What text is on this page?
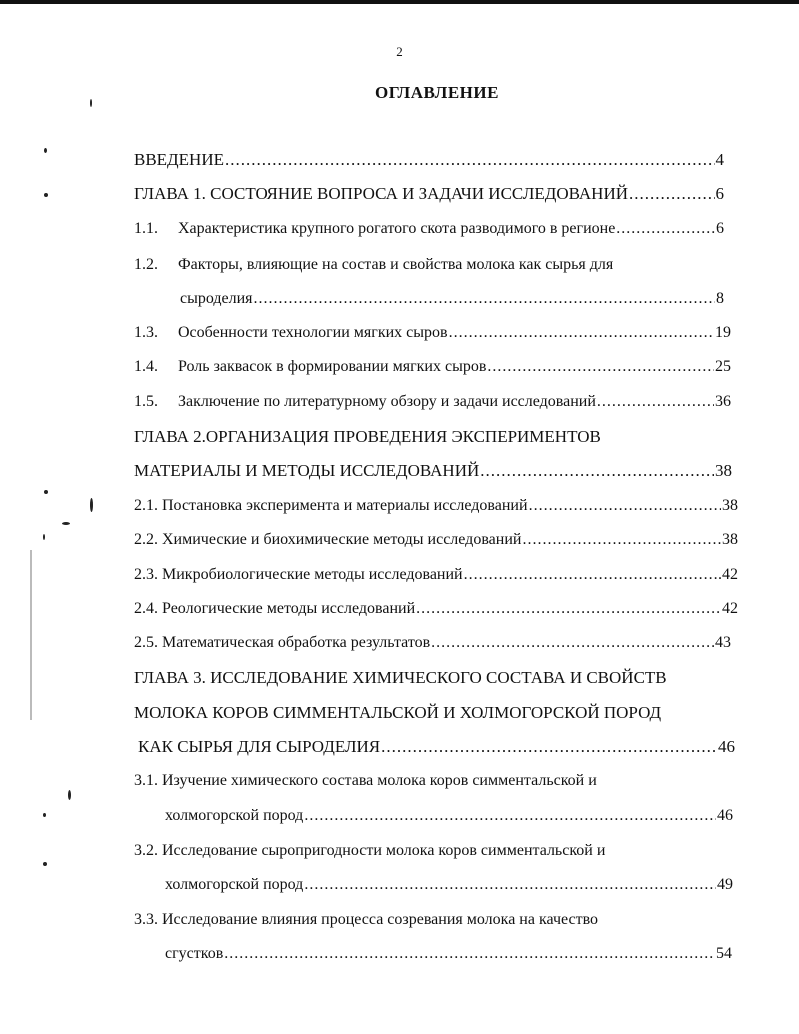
2
ОГЛАВЛЕНИЕ
ВВЕДЕНИЕ .....	4
ГЛАВА 1. СОСТОЯНИЕ ВОПРОСА И ЗАДАЧИ ИССЛЕДОВАНИЙ .....	6
1.1.	Характеристика крупного рогатого скота разводимого в регионе .....	6
1.2.	Факторы, влияющие на состав и свойства молока как сырья для
сыроделия .....	8
1.3.	Особенности технологии мягких сыров .....	19
1.4.	Роль заквасок в формировании мягких сыров .....	25
1.5.	Заключение по литературному обзору и задачи исследований .....	36
ГЛАВА 2.ОРГАНИЗАЦИЯ ПРОВЕДЕНИЯ ЭКСПЕРИМЕНТОВ
МАТЕРИАЛЫ И МЕТОДЫ ИССЛЕДОВАНИЙ .....	38
2.1. Постановка эксперимента и материалы исследований .....	38
2.2. Химические и биохимические методы исследований .....	38
2.3. Микробиологические методы исследований .....	.42
2.4. Реологические методы исследований .....	42
2.5. Математическая обработка результатов .....	43
ГЛАВА 3. ИССЛЕДОВАНИЕ ХИМИЧЕСКОГО СОСТАВА И СВОЙСТВ
МОЛОКА КОРОВ СИММЕНТАЛЬСКОЙ И ХОЛМОГОРСКОЙ ПОРОД
КАК СЫРЬЯ ДЛЯ СЫРОДЕЛИЯ .....	46
3.1. Изучение химического состава молока коров симментальской и
холмогорской пород .....	46
3.2. Исследование сыропригодности молока коров симментальской и
холмогорской пород .....	49
3.3. Исследование влияния процесса созревания молока на качество
сгустков .....	54
